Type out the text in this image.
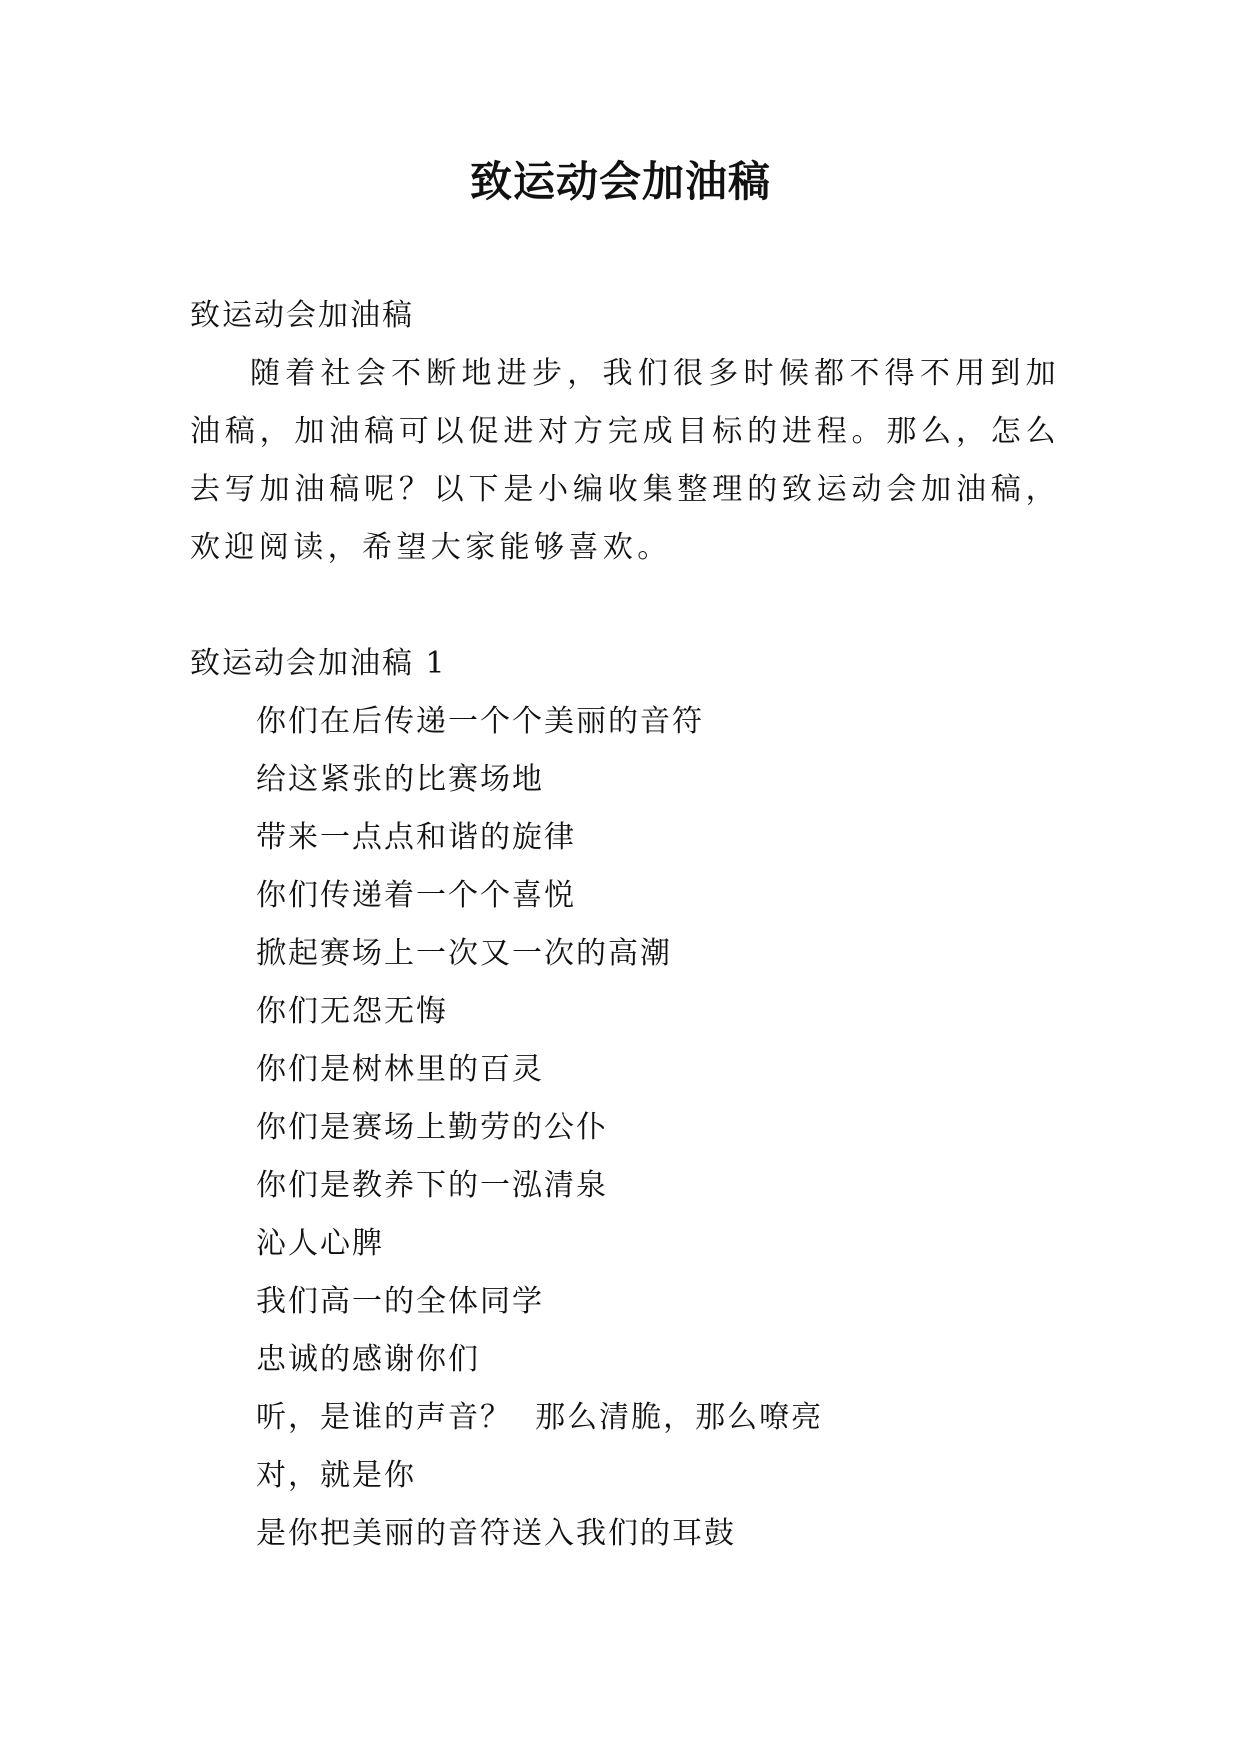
致运动会加油稿
致运动会加油稿

随着社会不断地进步，我们很多时候都不得不用到加油稿，加油稿可以促进对方完成目标的进程。那么，怎么去写加油稿呢？以下是小编收集整理的致运动会加油稿，欢迎阅读，希望大家能够喜欢。

致运动会加油稿 1
你们在后传递一个个美丽的音符
给这紧张的比赛场地
带来一点点和谐的旋律
你们传递着一个个喜悦
掀起赛场上一次又一次的高潮
你们无怨无悔
你们是树林里的百灵
你们是赛场上勤劳的公仆
你们是教养下的一泓清泉
沁人心脾
我们高一的全体同学
忠诚的感谢你们
听，是谁的声音？  那么清脆，那么嘹亮
对，就是你
是你把美丽的音符送入我们的耳鼓
